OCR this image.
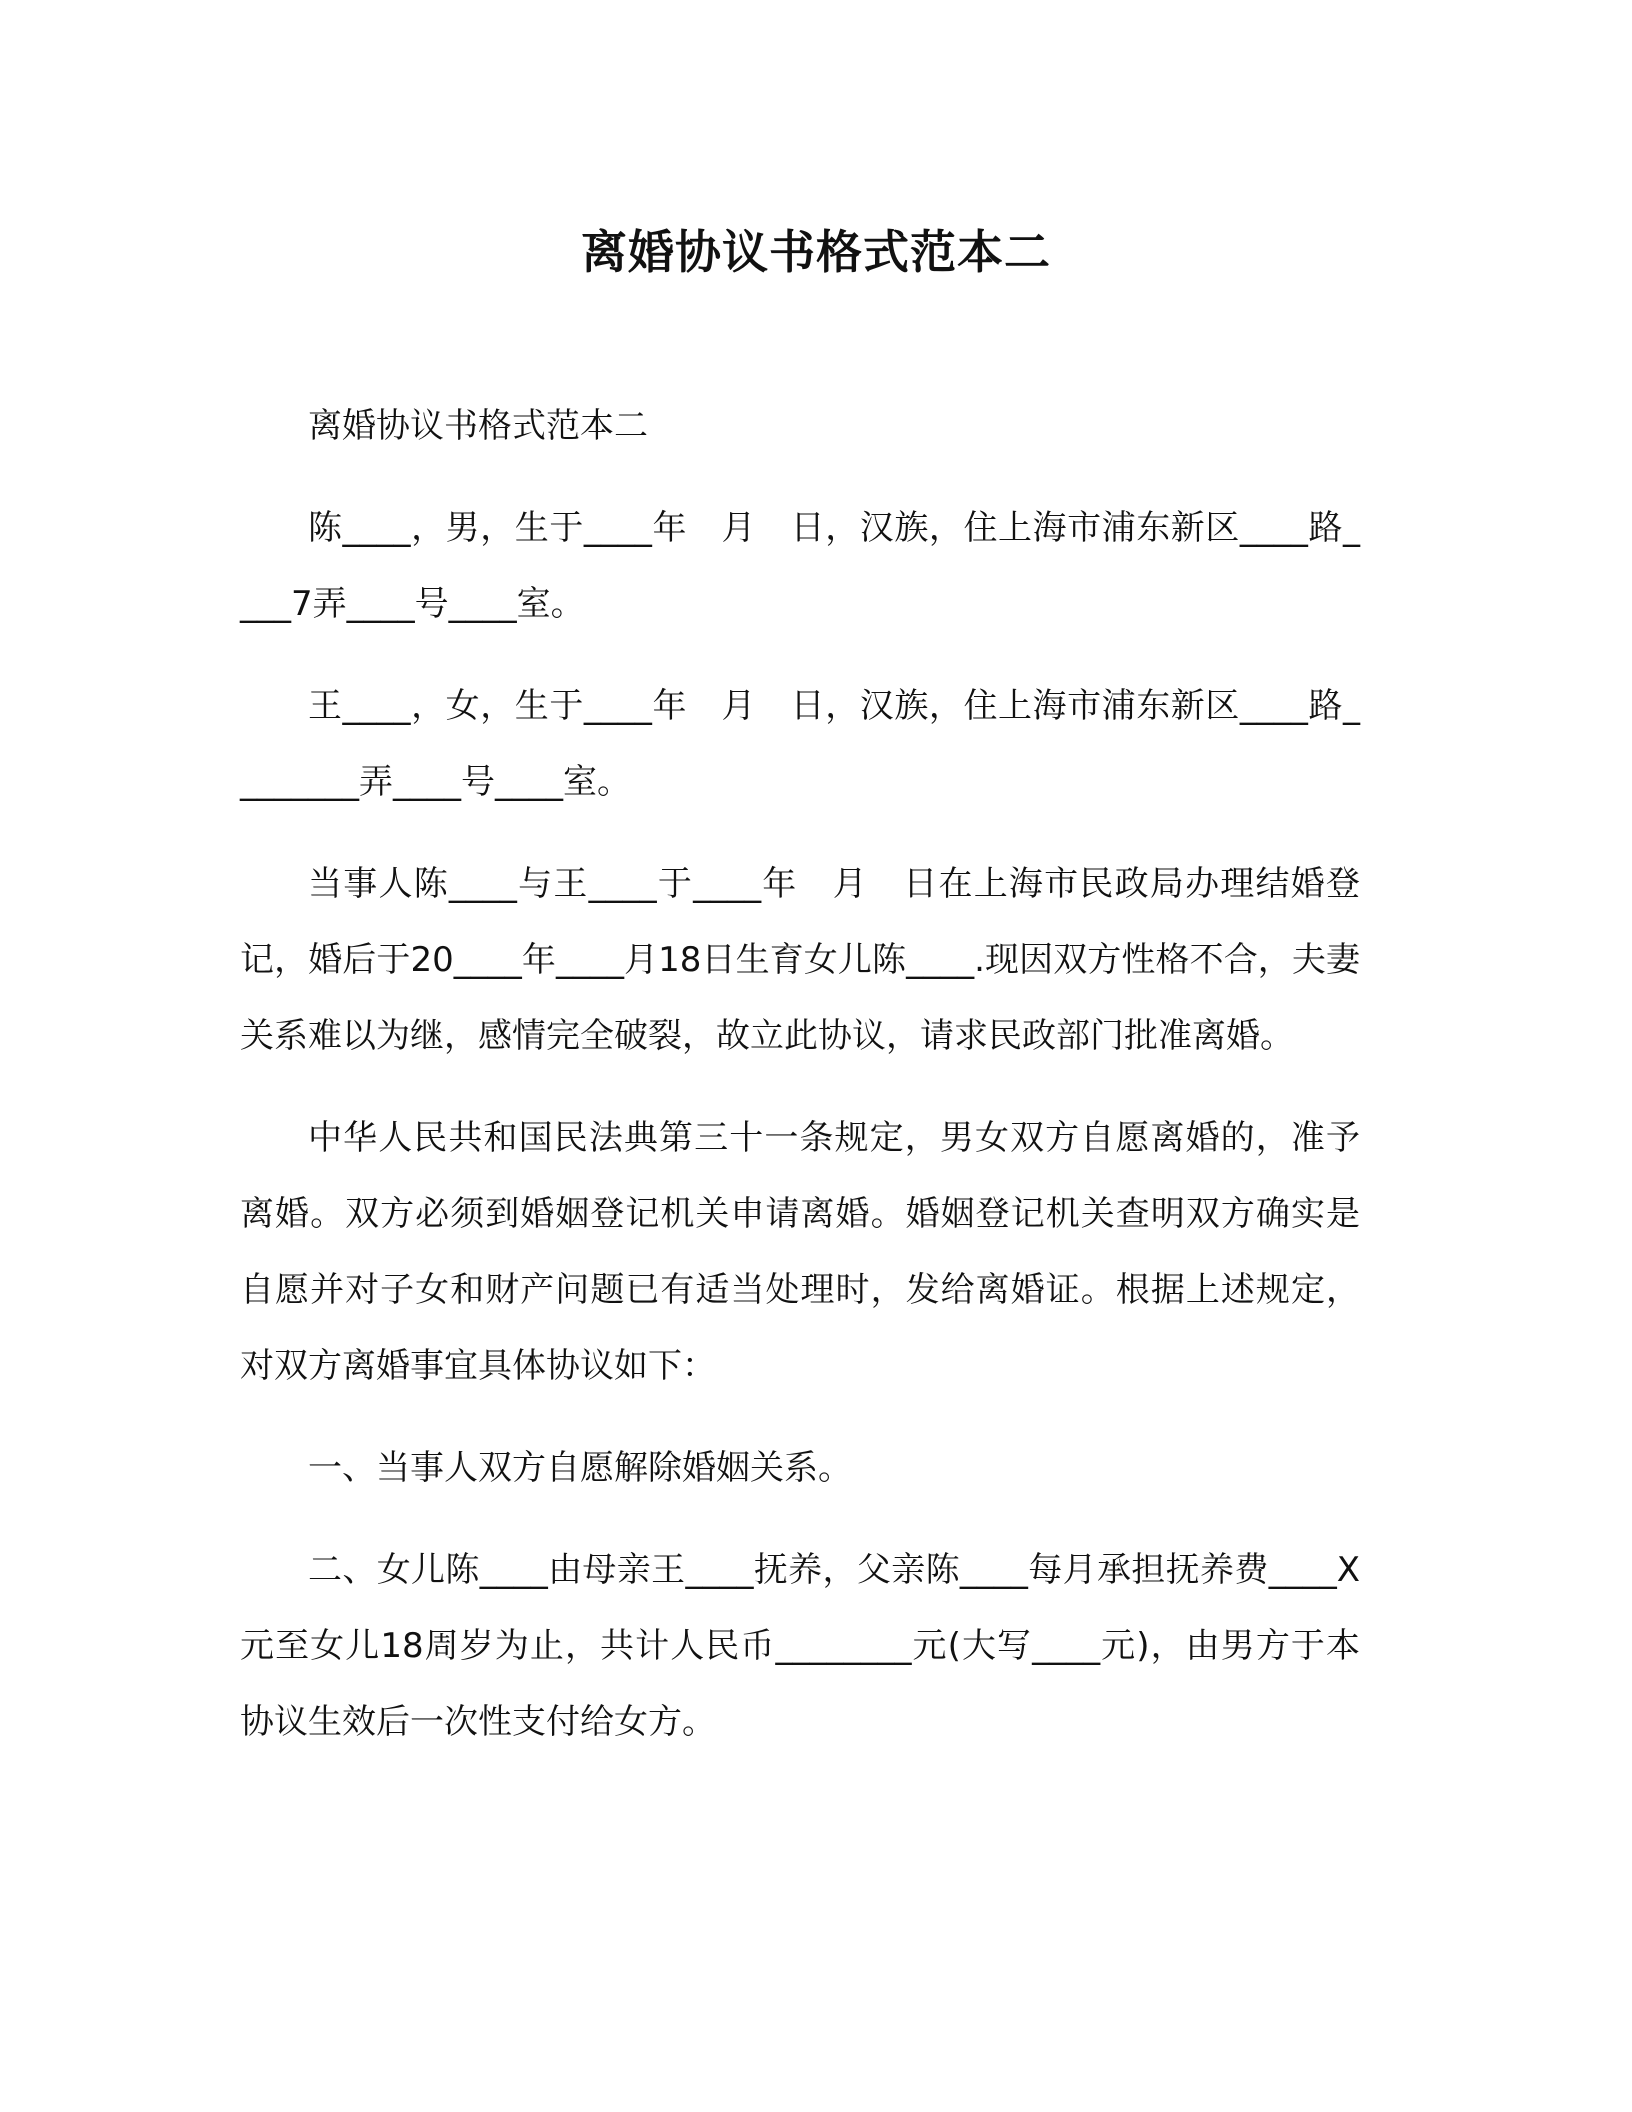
离婚协议书格式范本二

离婚协议书格式范本二

陈____，男，生于____年　月　日，汉族，住上海市浦东新区____路____7弄____号____室。

王____，女，生于____年　月　日，汉族，住上海市浦东新区____路________弄____号____室。

当事人陈____与王____于____年　月　日在上海市民政局办理结婚登记，婚后于20____年____月18日生育女儿陈____.现因双方性格不合，夫妻关系难以为继，感情完全破裂，故立此协议，请求民政部门批准离婚。

中华人民共和国民法典第三十一条规定，男女双方自愿离婚的，准予离婚。双方必须到婚姻登记机关申请离婚。婚姻登记机关查明双方确实是自愿并对子女和财产问题已有适当处理时，发给离婚证。根据上述规定，对双方离婚事宜具体协议如下：

一、当事人双方自愿解除婚姻关系。

二、女儿陈____由母亲王____抚养，父亲陈____每月承担抚养费____X元至女儿18周岁为止，共计人民币________元(大写____元)，由男方于本协议生效后一次性支付给女方。
